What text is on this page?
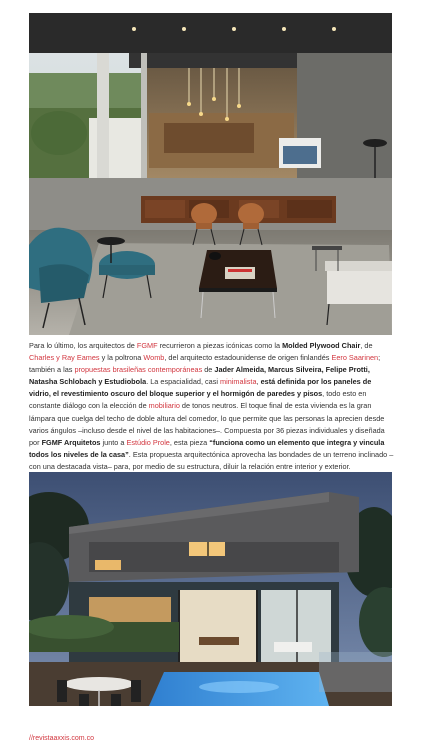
Para lo último, los arquitectos de FGMF recurrieron a piezas icónicas como la Molded Plywood Chair, de Charles y Ray Eames y la poltrona Womb, del arquitecto estadounidense de origen finlandés Eero Saarinen; también a las propuestas brasileñas contemporáneas de Jader Almeida, Marcus Silveira, Felipe Protti, Natasha Schlobach y Estudiobola. La espacialidad, casi minimalista, está definida por los paneles de vidrio, el revestimiento oscuro del bloque superior y el hormigón de paredes y pisos, todo esto en constante diálogo con la elección de mobiliario de tonos neutros. El toque final de esta vivienda es la gran lámpara que cuelga del techo de doble altura del comedor, lo que permite que las personas la aprecien desde varios ángulos –incluso desde el nivel de las habitaciones–. Compuesta por 36 piezas individuales y diseñada por FGMF Arquitetos junto a Estúdio Prole, esta pieza “funciona como un elemento que integra y vincula todos los niveles de la casa”. Esta propuesta arquitectónica aprovecha las bondades de un terreno inclinado –con una destacada vista– para, por medio de su estructura, diluir la relación entre interior y exterior.
//revistaaxxis.com.co
